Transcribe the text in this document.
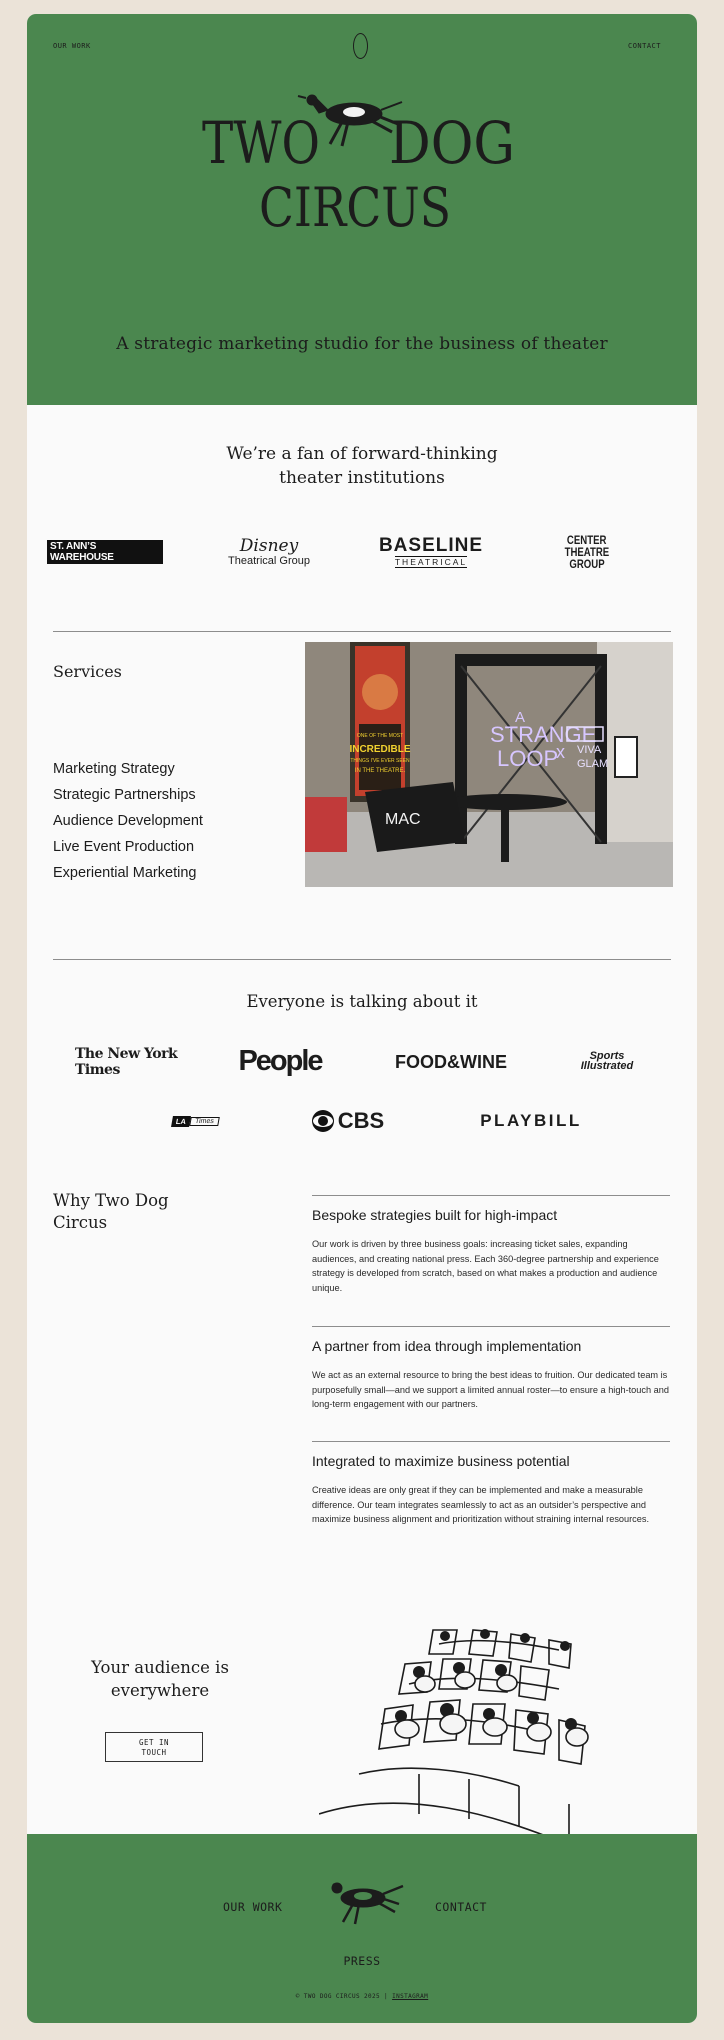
OUR WORK	CONTACT
TWO DOG
CIRCUS
A strategic marketing studio for the business of theater
We’re a fan of forward-thinking
theater institutions
ST. ANN’S WAREHOUSE
Disney
Theatrical Group
BASELINE
THEATRICAL
CENTER
THEATRE
GROUP
Services
Marketing Strategy
Strategic Partnerships
Audience Development
Live Event Production
Experiential Marketing
ONE OF THE MOST
INCREDIBLE
THINGS I'VE EVER SEEN
IN THE THEATRE.
A
STRANGE
LOOP
x VIVA
GLAM
MAC
Everyone is talking about it
The New York Times	People	FOOD&WINE	Sports
Illustrated
LA	Times	CBS	PLAYBILL
Why Two Dog
Circus	Bespoke strategies built for high-impact

Our work is driven by three business goals: increasing ticket sales, expanding audiences, and creating national press. Each 360-degree partnership and experience strategy is developed from scratch, based on what makes a production and audience unique.

A partner from idea through implementation

We act as an external resource to bring the best ideas to fruition. Our dedicated team is purposefully small—and we support a limited annual roster—to ensure a high-touch and long-term engagement with our partners.

Integrated to maximize business potential

Creative ideas are only great if they can be implemented and make a measurable difference. Our team integrates seamlessly to act as an outsider’s perspective and maximize business alignment and prioritization without straining internal resources.

Your audience is
everywhere
GET IN
TOUCH
OUR WORK	CONTACT
PRESS
© TWO DOG CIRCUS 2025 | INSTAGRAM
